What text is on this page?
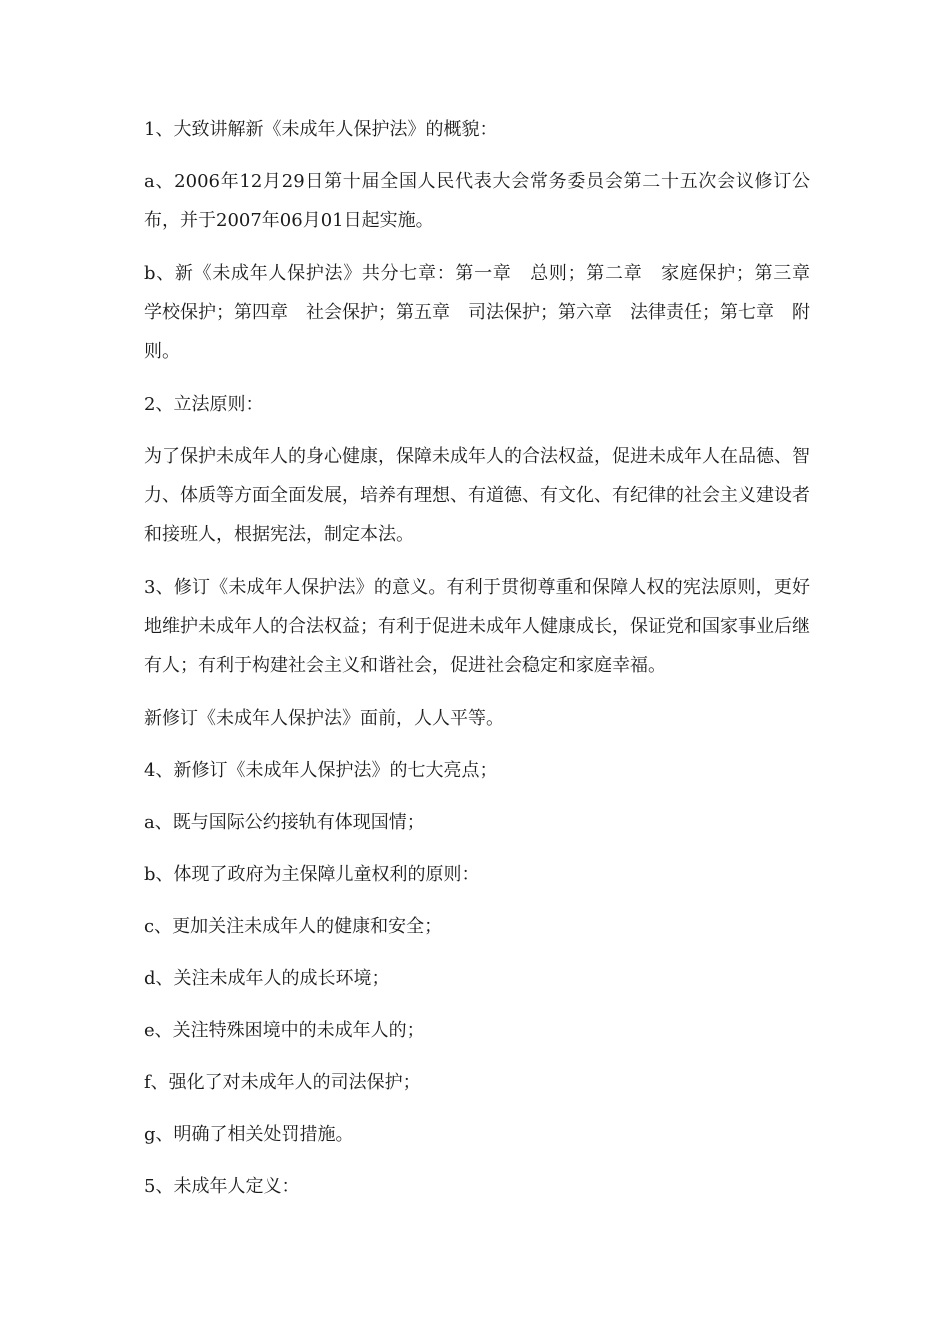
1、大致讲解新《未成年人保护法》的概貌：

a、2006年12月29日第十届全国人民代表大会常务委员会第二十五次会议修订公布，并于2007年06月01日起实施。

b、新《未成年人保护法》共分七章：第一章　总则；第二章　家庭保护；第三章　学校保护；第四章　社会保护；第五章　司法保护；第六章　法律责任；第七章　附则。

2、立法原则：

为了保护未成年人的身心健康，保障未成年人的合法权益，促进未成年人在品德、智力、体质等方面全面发展，培养有理想、有道德、有文化、有纪律的社会主义建设者和接班人，根据宪法，制定本法。

3、修订《未成年人保护法》的意义。有利于贯彻尊重和保障人权的宪法原则，更好地维护未成年人的合法权益；有利于促进未成年人健康成长，保证党和国家事业后继有人；有利于构建社会主义和谐社会，促进社会稳定和家庭幸福。

新修订《未成年人保护法》面前，人人平等。

4、新修订《未成年人保护法》的七大亮点；

a、既与国际公约接轨有体现国情；

b、体现了政府为主保障儿童权利的原则：

c、更加关注未成年人的健康和安全；

d、关注未成年人的成长环境；

e、关注特殊困境中的未成年人的；

f、强化了对未成年人的司法保护；

g、明确了相关处罚措施。

5、未成年人定义：
